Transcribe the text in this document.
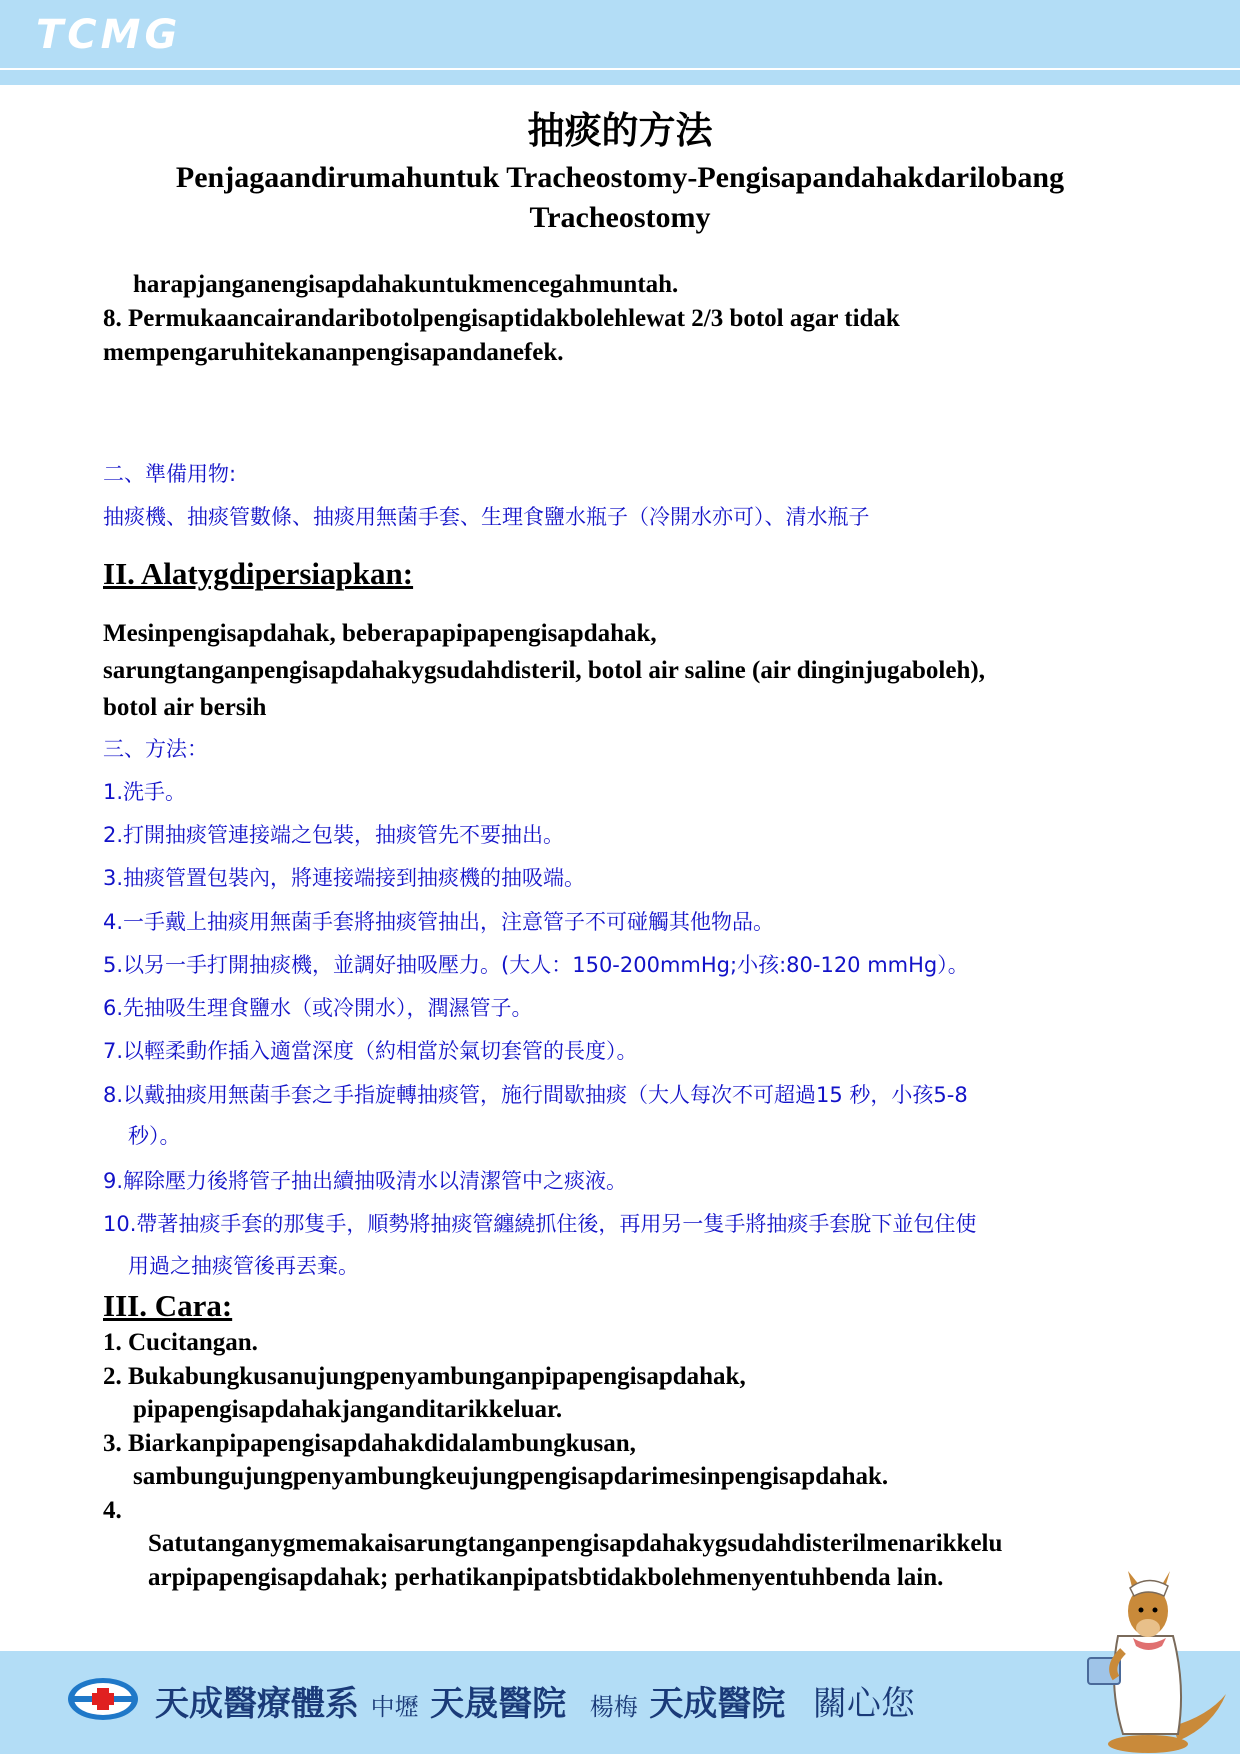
TCMG
抽痰的方法
Penjagaandirumahuntuk Tracheostomy-Pengisapandahakdarilobang Tracheostomy

harapjanganengisapdahakuntukmencegahmuntah.

8. Permukaancairandaribotolpengisaptidakbolehlewat 2/3 botol agar tidak

mempengaruhitekananpengisapandanefek.

二、準備用物:
抽痰機、抽痰管數條、抽痰用無菌手套、生理食鹽水瓶子（冷開水亦可）、清水瓶子
II. Alatygdipersiapkan:

Mesinpengisapdahak, beberapapipapengisapdahak,

sarungtanganpengisapdahakygsudahdisteril, botol air saline (air dinginjugaboleh),

botol air bersih

三、方法：
1.洗手。
2.打開抽痰管連接端之包裝，抽痰管先不要抽出。
3.抽痰管置包裝內，將連接端接到抽痰機的抽吸端。
4.一手戴上抽痰用無菌手套將抽痰管抽出，注意管子不可碰觸其他物品。
5.以另一手打開抽痰機，並調好抽吸壓力。(大人：150-200mmHg;小孩:80-120 mmHg）。
6.先抽吸生理食鹽水（或冷開水），潤濕管子。
7.以輕柔動作插入適當深度（約相當於氣切套管的長度）。
8.以戴抽痰用無菌手套之手指旋轉抽痰管，施行間歇抽痰（大人每次不可超過15 秒，小孩5-8
秒）。
9.解除壓力後將管子抽出續抽吸清水以清潔管中之痰液。
10.帶著抽痰手套的那隻手，順勢將抽痰管纏繞抓住後，再用另一隻手將抽痰手套脫下並包住使
用過之抽痰管後再丟棄。
III. Cara:

1. Cucitangan.

2. Bukabungkusanujungpenyambunganpipapengisapdahak,

pipapengisapdahakjanganditarikkeluar.

3. Biarkanpipapengisapdahakdidalambungkusan,

sambungujungpenyambungkeujungpengisapdarimesinpengisapdahak.

4.

Satutanganygmemakaisarungtanganpengisapdahakygsudahdisterilmenarikkelu

arpipapengisapdahak; perhatikanpipatsbtidakbolehmenyentuhbenda lain.

天成醫療體系 中壢 天晟醫院 楊梅 天成醫院 關心您
